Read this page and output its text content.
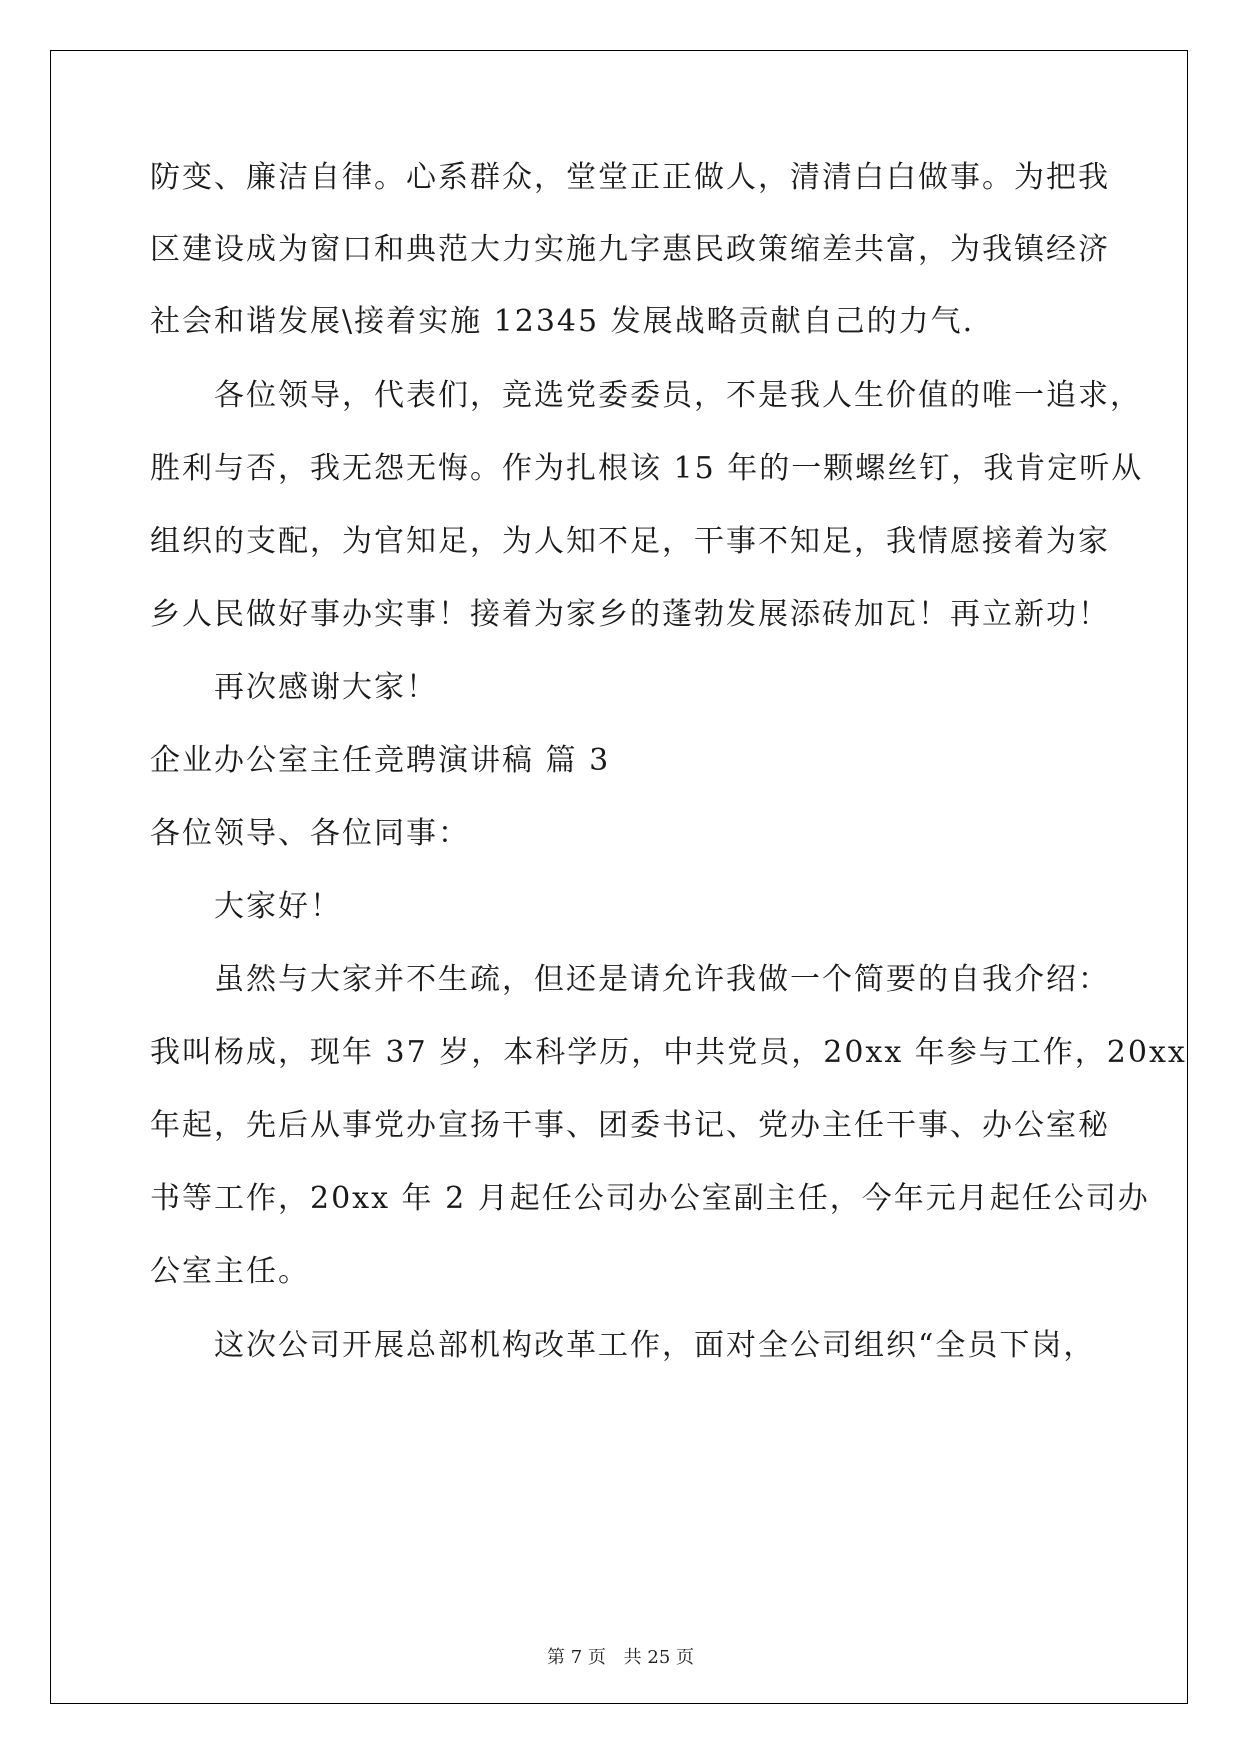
防变、廉洁自律。心系群众，堂堂正正做人，清清白白做事。为把我
区建设成为窗口和典范大力实施九字惠民政策缩差共富，为我镇经济
社会和谐发展\接着实施 12345 发展战略贡献自己的力气.
各位领导，代表们，竞选党委委员，不是我人生价值的唯一追求，
胜利与否，我无怨无悔。作为扎根该 15 年的一颗螺丝钉，我肯定听从
组织的支配，为官知足，为人知不足，干事不知足，我情愿接着为家
乡人民做好事办实事！接着为家乡的蓬勃发展添砖加瓦！再立新功！
再次感谢大家！
企业办公室主任竞聘演讲稿 篇 3
各位领导、各位同事：
大家好！
虽然与大家并不生疏，但还是请允许我做一个简要的自我介绍：
我叫杨成，现年 37 岁，本科学历，中共党员，20xx 年参与工作，20xx
年起，先后从事党办宣扬干事、团委书记、党办主任干事、办公室秘
书等工作，20xx 年 2 月起任公司办公室副主任，今年元月起任公司办
公室主任。
这次公司开展总部机构改革工作，面对全公司组织“全员下岗，
第 7 页 共 25 页
